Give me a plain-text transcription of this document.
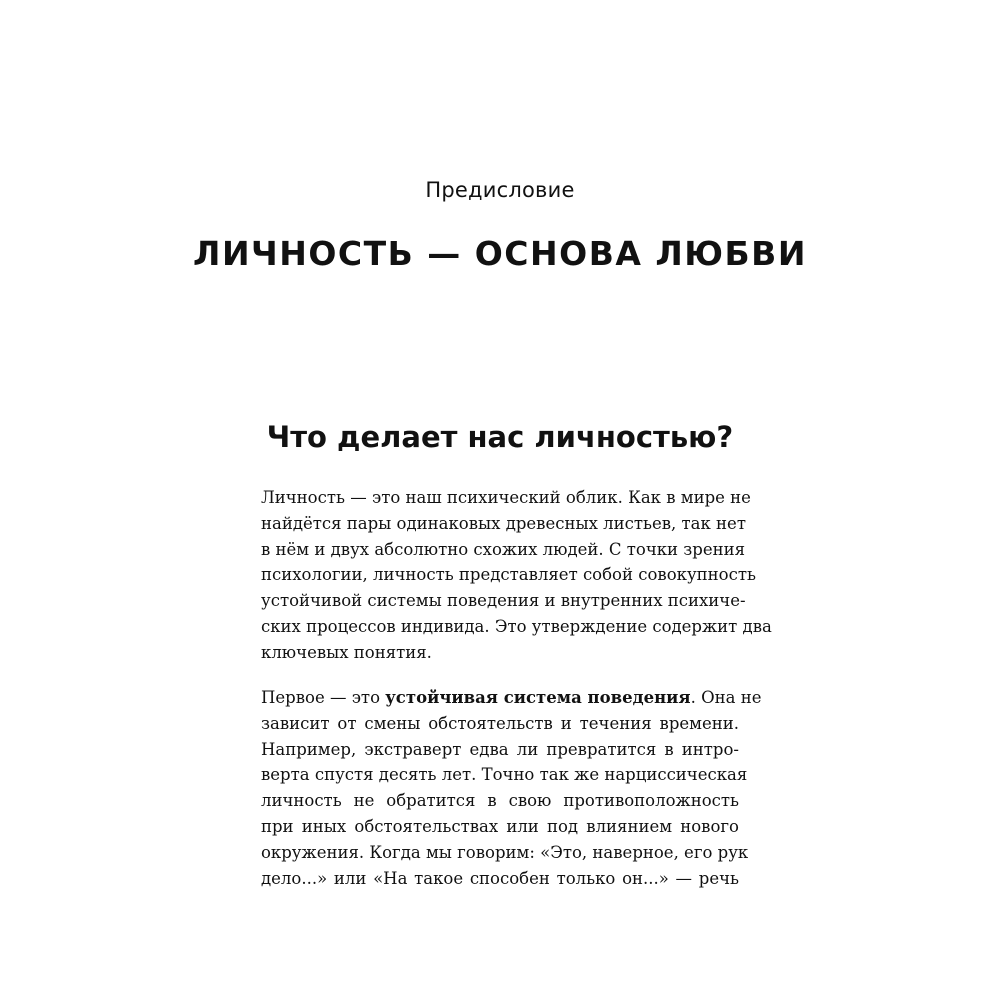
Предисловие
ЛИЧНОСТЬ — ОСНОВА ЛЮБВИ
Что делает нас личностью?

Личность — это наш психический облик. Как в мире не
найдётся пары одинаковых древесных листьев, так нет
в нём и двух абсолютно схожих людей. С точки зрения
психологии, личность представляет собой совокупность
устойчивой системы поведения и внутренних психиче-
ских процессов индивида. Это утверждение содержит два
ключевых понятия.

Первое — это устойчивая система поведения. Она не
зависит от смены обстоятельств и течения времени.
Например, экстраверт едва ли превратится в интро-
верта спустя десять лет. Точно так же нарциссическая
личность не обратится в свою противоположность
при иных обстоятельствах или под влиянием нового
окружения. Когда мы говорим: «Это, наверное, его рук
дело...» или «На такое способен только он...» — речь
